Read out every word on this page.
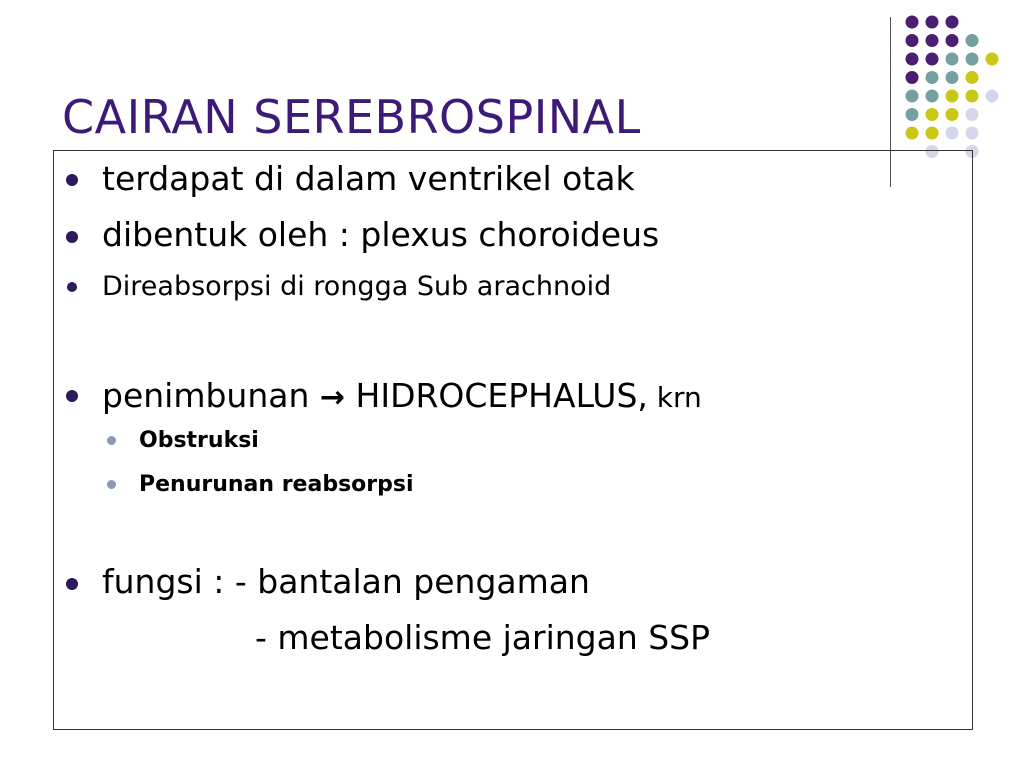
CAIRAN SEREBROSPINAL
terdapat di dalam ventrikel otak
dibentuk oleh : plexus choroideus
Direabsorpsi di rongga Sub arachnoid
penimbunan → HIDROCEPHALUS, krn
Obstruksi
Penurunan reabsorpsi
fungsi : - bantalan pengaman
- metabolisme jaringan SSP
